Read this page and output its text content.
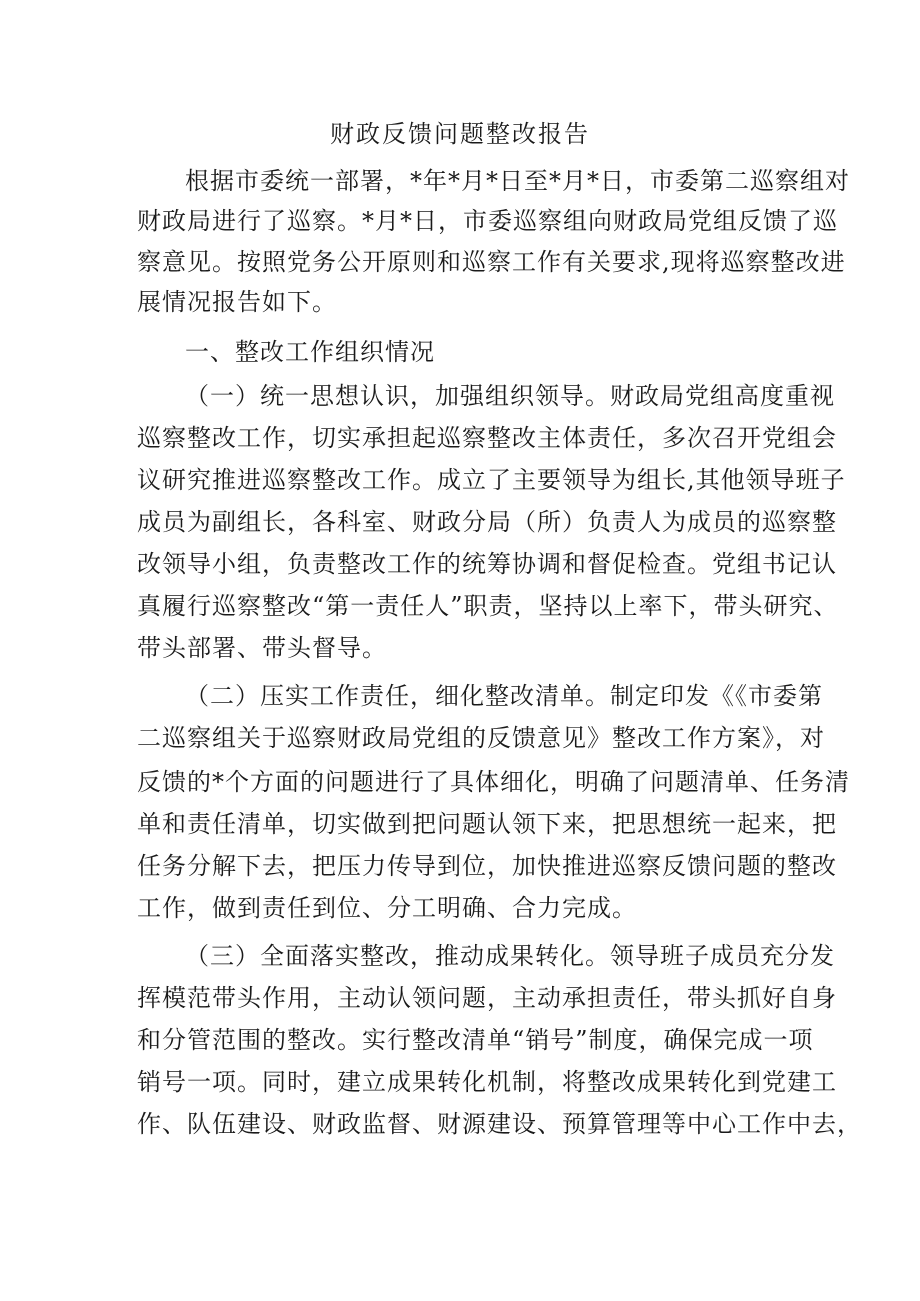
财政反馈问题整改报告

根据市委统一部署，*年*月*日至*月*日，市委第二巡察组对

财政局进行了巡察。*月*日，市委巡察组向财政局党组反馈了巡

察意见。按照党务公开原则和巡察工作有关要求,现将巡察整改进

展情况报告如下。

一、整改工作组织情况

（一）统一思想认识，加强组织领导。财政局党组高度重视

巡察整改工作，切实承担起巡察整改主体责任，多次召开党组会

议研究推进巡察整改工作。成立了主要领导为组长,其他领导班子

成员为副组长，各科室、财政分局（所）负责人为成员的巡察整

改领导小组，负责整改工作的统筹协调和督促检查。党组书记认

真履行巡察整改“第一责任人”职责，坚持以上率下，带头研究、

带头部署、带头督导。

（二）压实工作责任，细化整改清单。制定印发《《市委第

二巡察组关于巡察财政局党组的反馈意见》整改工作方案》，对

反馈的*个方面的问题进行了具体细化，明确了问题清单、任务清

单和责任清单，切实做到把问题认领下来，把思想统一起来，把

任务分解下去，把压力传导到位，加快推进巡察反馈问题的整改

工作，做到责任到位、分工明确、合力完成。

（三）全面落实整改，推动成果转化。领导班子成员充分发

挥模范带头作用，主动认领问题，主动承担责任，带头抓好自身

和分管范围的整改。实行整改清单“销号”制度，确保完成一项

销号一项。同时，建立成果转化机制，将整改成果转化到党建工

作、队伍建设、财政监督、财源建设、预算管理等中心工作中去，
